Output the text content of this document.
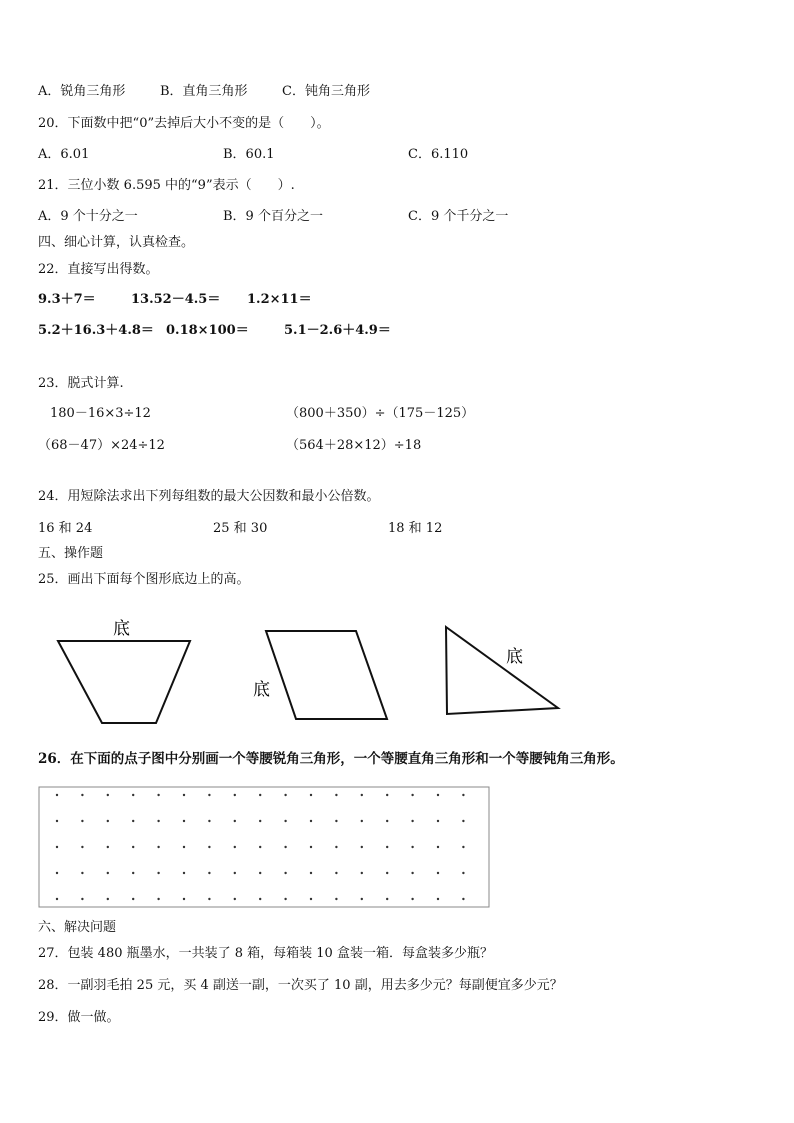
A．锐角三角形	B．直角三角形	C．钝角三角形
20．下面数中把“0”去掉后大小不变的是（　　）。
A．6.01	B．60.1	C．6.110
21．三位小数 6.595 中的“9”表示（　　）.
A．9 个十分之一	B．9 个百分之一	C．9 个千分之一
四、细心计算，认真检查。
22．直接写出得数。
9.3＋7＝	13.52－4.5＝ 1.2×11＝
5.2＋16.3＋4.8＝ 0.18×100＝	5.1－2.6＋4.9＝
23．脱式计算.
180－16×3÷12	（800＋350）÷（175－125）
（68－47）×24÷12	（564＋28×12）÷18
24．用短除法求出下列每组数的最大公因数和最小公倍数。
16 和 24	25 和 30	18 和 12
五、操作题
25．画出下面每个图形底边上的高。
底
底
底
26．在下面的点子图中分别画一个等腰锐角三角形，一个等腰直角三角形和一个等腰钝角三角形。
六、解决问题
27．包装 480 瓶墨水，一共装了 8 箱，每箱装 10 盒装一箱．每盒装多少瓶？
28．一副羽毛拍 25 元，买 4 副送一副，一次买了 10 副，用去多少元？每副便宜多少元？
29．做一做。
